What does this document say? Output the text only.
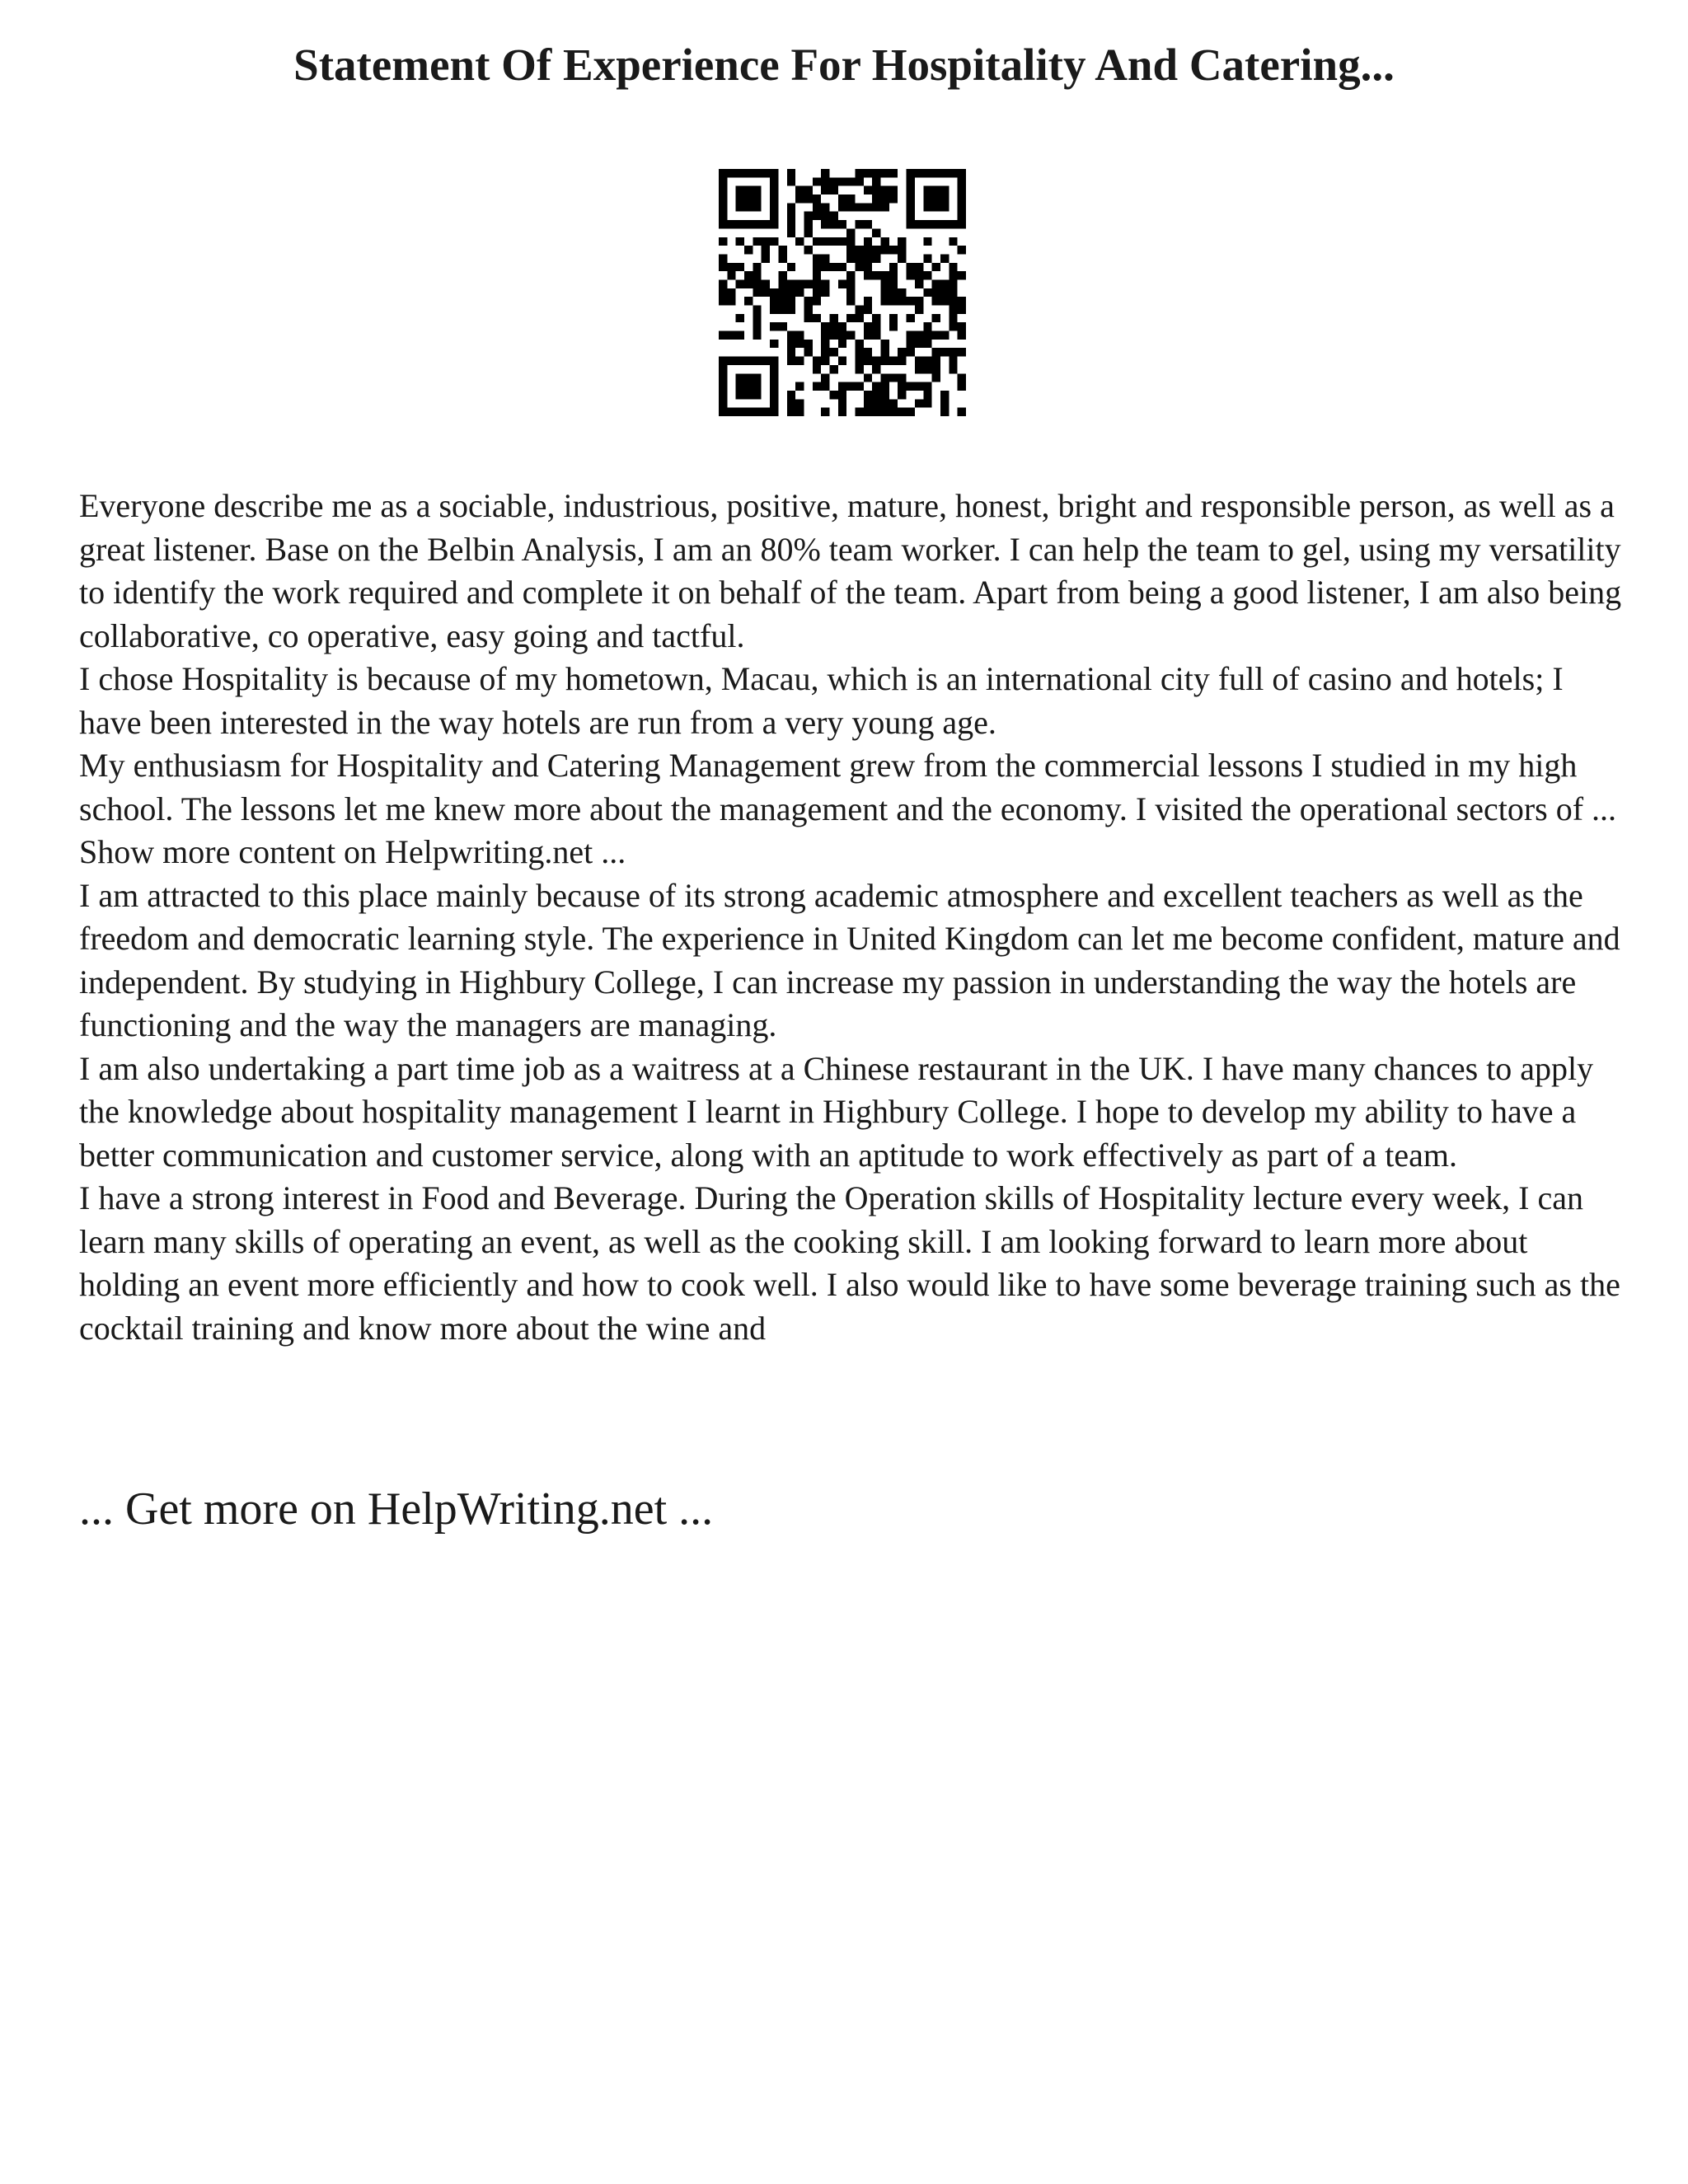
Statement Of Experience For Hospitality And Catering...

Everyone describe me as a sociable, industrious, positive, mature, honest, bright and responsible person, as well as a great listener. Base on the Belbin Analysis, I am an 80% team worker. I can help the team to gel, using my versatility to identify the work required and complete it on behalf of the team. Apart from being a good listener, I am also being collaborative, co operative, easy going and tactful.

I chose Hospitality is because of my hometown, Macau, which is an international city full of casino and hotels; I have been interested in the way hotels are run from a very young age.

My enthusiasm for Hospitality and Catering Management grew from the commercial lessons I studied in my high school. The lessons let me knew more about the management and the economy. I visited the operational sectors of ... Show more content on Helpwriting.net ...

I am attracted to this place mainly because of its strong academic atmosphere and excellent teachers as well as the freedom and democratic learning style. The experience in United Kingdom can let me become confident, mature and independent. By studying in Highbury College, I can increase my passion in understanding the way the hotels are functioning and the way the managers are managing.

I am also undertaking a part time job as a waitress at a Chinese restaurant in the UK. I have many chances to apply the knowledge about hospitality management I learnt in Highbury College. I hope to develop my ability to have a better communication and customer service, along with an aptitude to work effectively as part of a team.

I have a strong interest in Food and Beverage. During the Operation skills of Hospitality lecture every week, I can learn many skills of operating an event, as well as the cooking skill. I am looking forward to learn more about holding an event more efficiently and how to cook well. I also would like to have some beverage training such as the cocktail training and know more about the wine and

... Get more on HelpWriting.net ...
